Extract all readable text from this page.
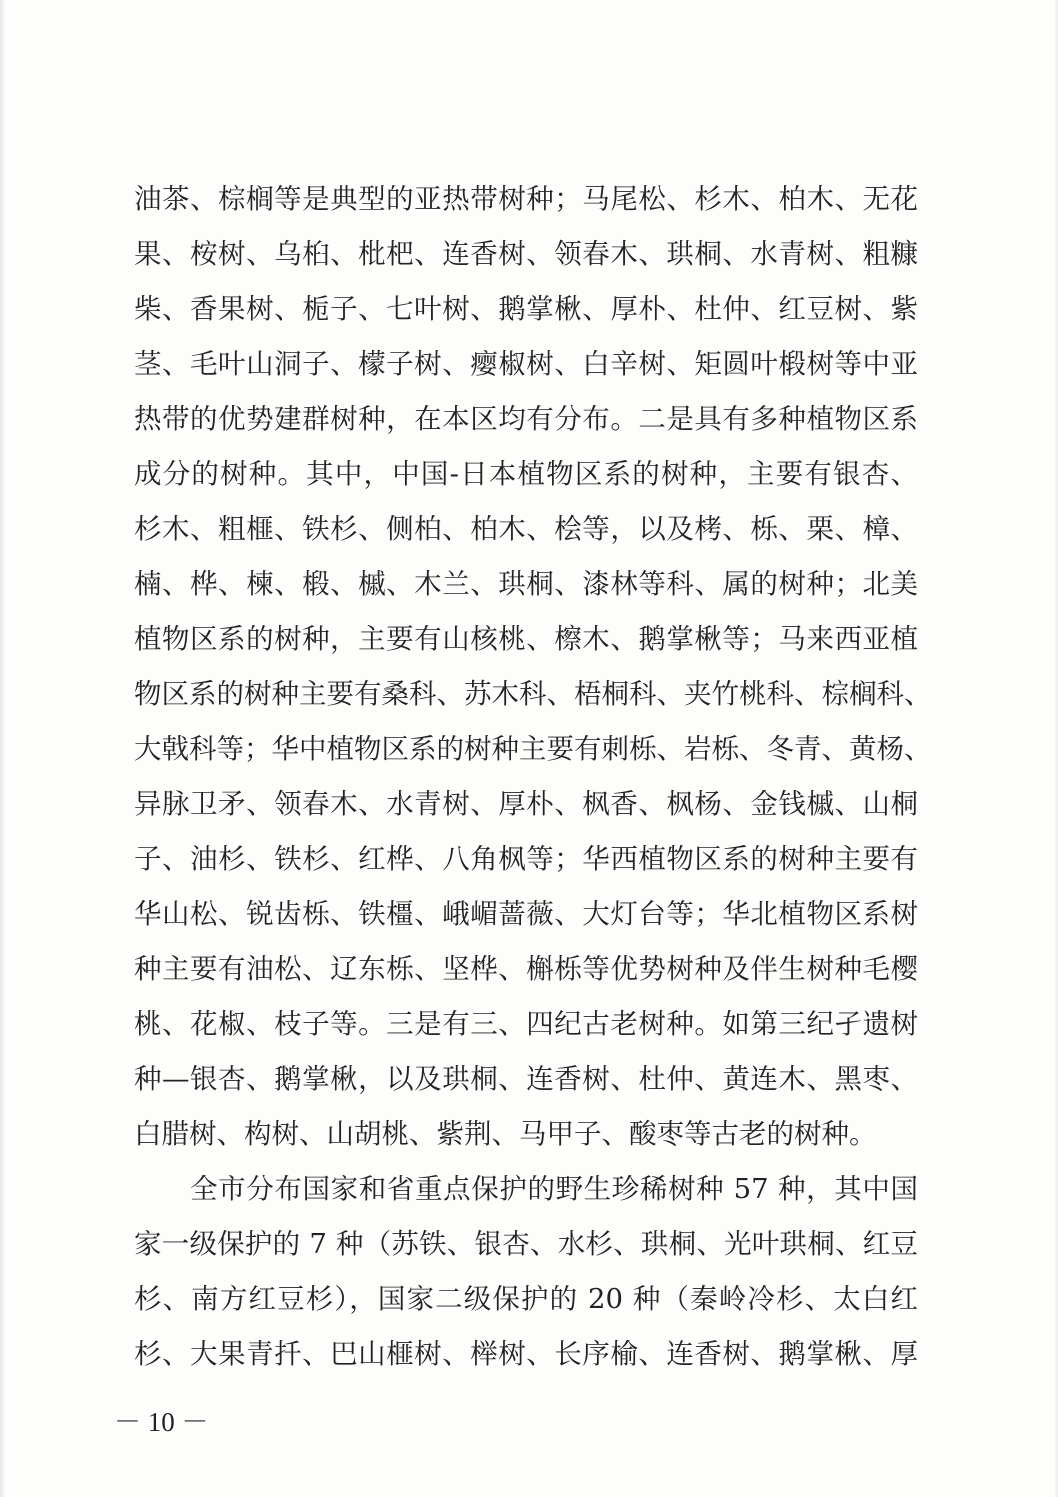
油茶、棕榈等是典型的亚热带树种；马尾松、杉木、柏木、无花
果、桉树、乌桕、枇杷、连香树、领春木、珙桐、水青树、粗糠
柴、香果树、栀子、七叶树、鹅掌楸、厚朴、杜仲、红豆树、紫
茎、毛叶山洞子、檬子树、瘿椒树、白辛树、矩圆叶椴树等中亚
热带的优势建群树种，在本区均有分布。二是具有多种植物区系
成分的树种。其中，中国-日本植物区系的树种，主要有银杏、
杉木、粗榧、铁杉、侧柏、柏木、桧等，以及栲、栎、栗、樟、
楠、桦、楝、椴、槭、木兰、珙桐、漆林等科、属的树种；北美
植物区系的树种，主要有山核桃、檫木、鹅掌楸等；马来西亚植
物区系的树种主要有桑科、苏木科、梧桐科、夹竹桃科、棕榈科、
大戟科等；华中植物区系的树种主要有刺栎、岩栎、冬青、黄杨、
异脉卫矛、领春木、水青树、厚朴、枫香、枫杨、金钱槭、山桐
子、油杉、铁杉、红桦、八角枫等；华西植物区系的树种主要有
华山松、锐齿栎、铁橿、峨嵋蔷薇、大灯台等；华北植物区系树
种主要有油松、辽东栎、坚桦、槲栎等优势树种及伴生树种毛樱
桃、花椒、枝子等。三是有三、四纪古老树种。如第三纪孑遗树
种—银杏、鹅掌楸，以及珙桐、连香树、杜仲、黄连木、黑枣、
白腊树、构树、山胡桃、紫荆、马甲子、酸枣等古老的树种。
全市分布国家和省重点保护的野生珍稀树种 57 种，其中国
家一级保护的 7 种（苏铁、银杏、水杉、珙桐、光叶珙桐、红豆
杉、南方红豆杉），国家二级保护的 20 种（秦岭冷杉、太白红
杉、大果青扦、巴山榧树、榉树、长序榆、连香树、鹅掌楸、厚
－ 10 －
